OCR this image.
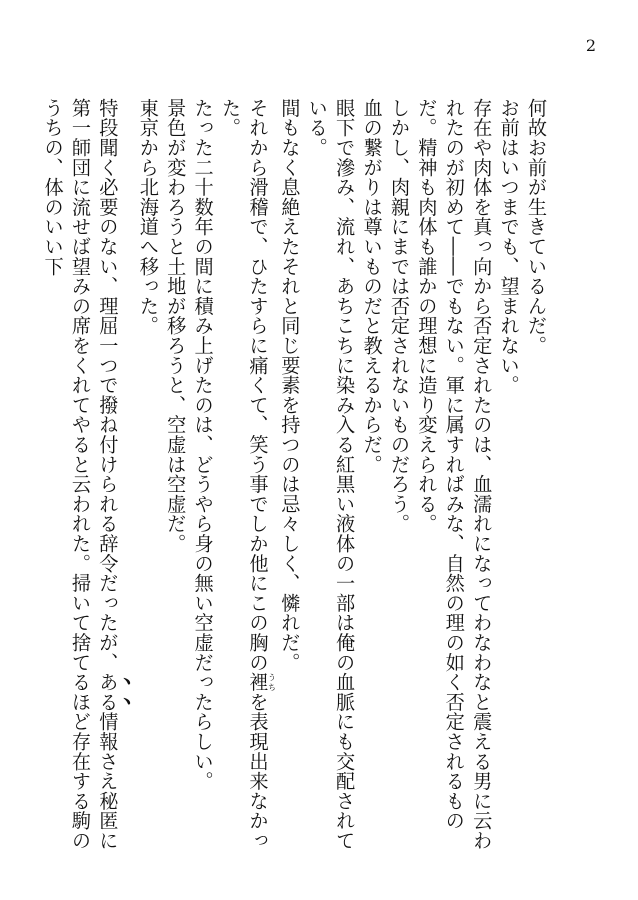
2
何故お前が生きているんだ。
お前はいつまでも、望まれない。
存在や肉体を真っ向から否定されたのは、血濡れになってわなわなと震える男に云われたのが初めて――でもない。軍に属すればみな、自然の理の如く否定されるものだ。精神も肉体も誰かの理想に造り変えられる。
しかし、肉親にまでは否定されないものだろう。
血の繋がりは尊いものだと教えるからだ。
眼下で滲み、流れ、あちこちに染み入る紅黒い液体の一部は俺の血脈にも交配されている。
間もなく息絶えたそれと同じ要素を持つのは忌々しく、憐れだ。
それから滑稽で、ひたすらに痛くて、笑う事でしか他にこの胸の裡うちを表現出来なかった。
たった二十数年の間に積み上げたのは、どうやら身の無い空虚だったらしい。
景色が変わろうと土地が移ろうと、空虚は空虚だ。
東京から北海道へ移った。
特段聞く必要のない、理屈一つで撥ね付けられる辞令だったが、ある情報さえ秘匿に第一師団に流せば望みの席をくれてやると云われた。掃いて捨てるほど存在する駒のうちの、体のいい下
